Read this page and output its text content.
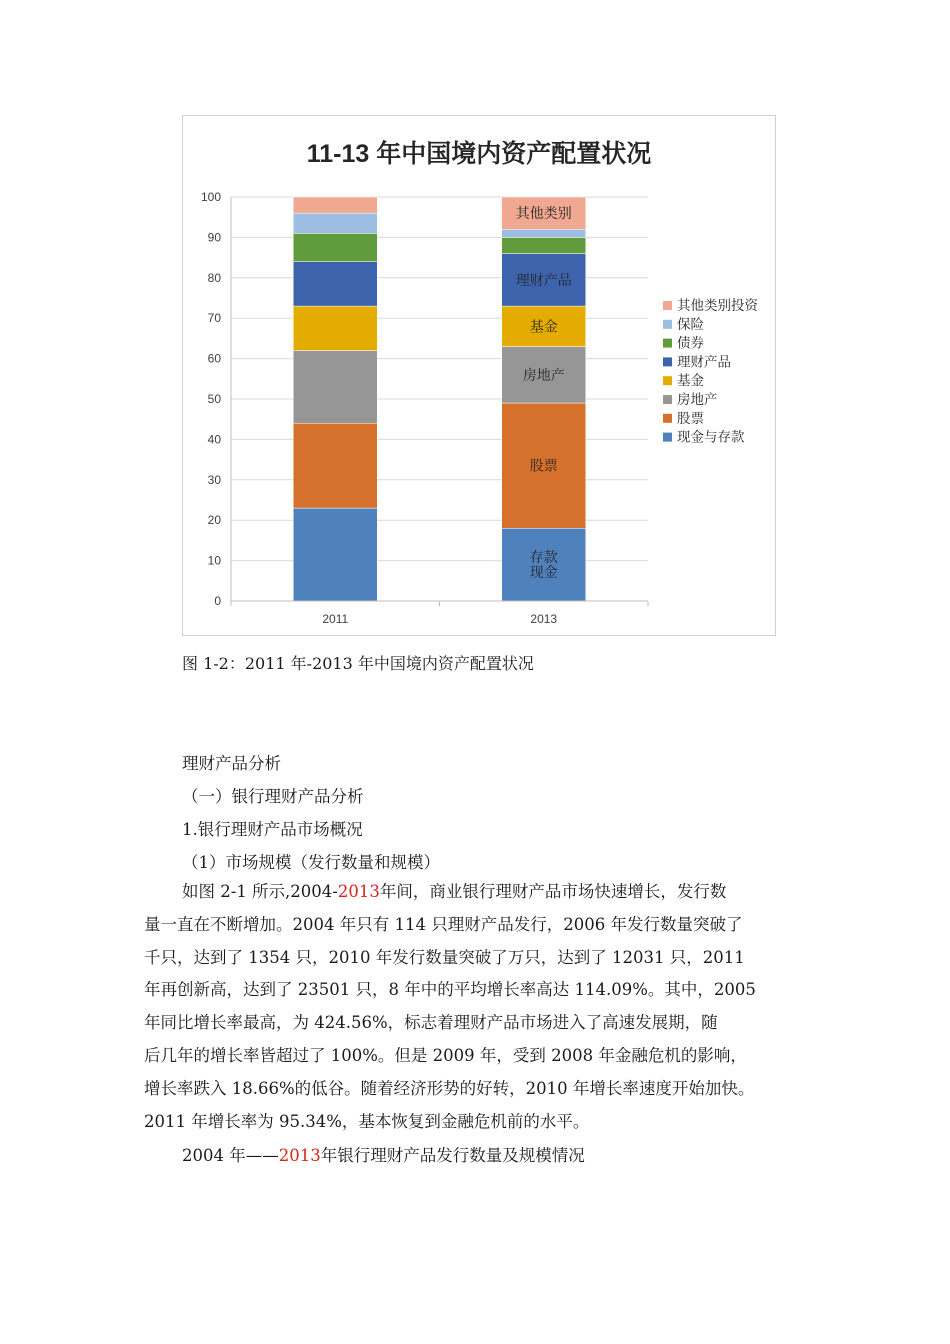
11-13 年中国境内资产配置状况
0
10
20
30
40
50
60
70
80
90
100
2011	2013
存款
现金
股票
房地产
基金
理财产品
其他类别
其他类别投资
保险
债券
理财产品
基金
房地产
股票
现金与存款
图 1-2：2011 年-2013 年中国境内资产配置状况
理财产品分析
（一）银行理财产品分析
1.银行理财产品市场概况
（1）市场规模（发行数量和规模）
如图 2-1 所示,2004-2013年间，商业银行理财产品市场快速增长，发行数
量一直在不断增加。2004 年只有 114 只理财产品发行，2006 年发行数量突破了
千只，达到了 1354 只，2010 年发行数量突破了万只，达到了 12031 只，2011
年再创新高，达到了 23501 只，8 年中的平均增长率高达 114.09%。其中，2005
年同比增长率最高，为 424.56%，标志着理财产品市场进入了高速发展期，随
后几年的增长率皆超过了 100%。但是 2009 年，受到 2008 年金融危机的影响，
增长率跌入 18.66%的低谷。随着经济形势的好转，2010 年增长率速度开始加快。
2011 年增长率为 95.34%，基本恢复到金融危机前的水平。
2004 年——2013年银行理财产品发行数量及规模情况
